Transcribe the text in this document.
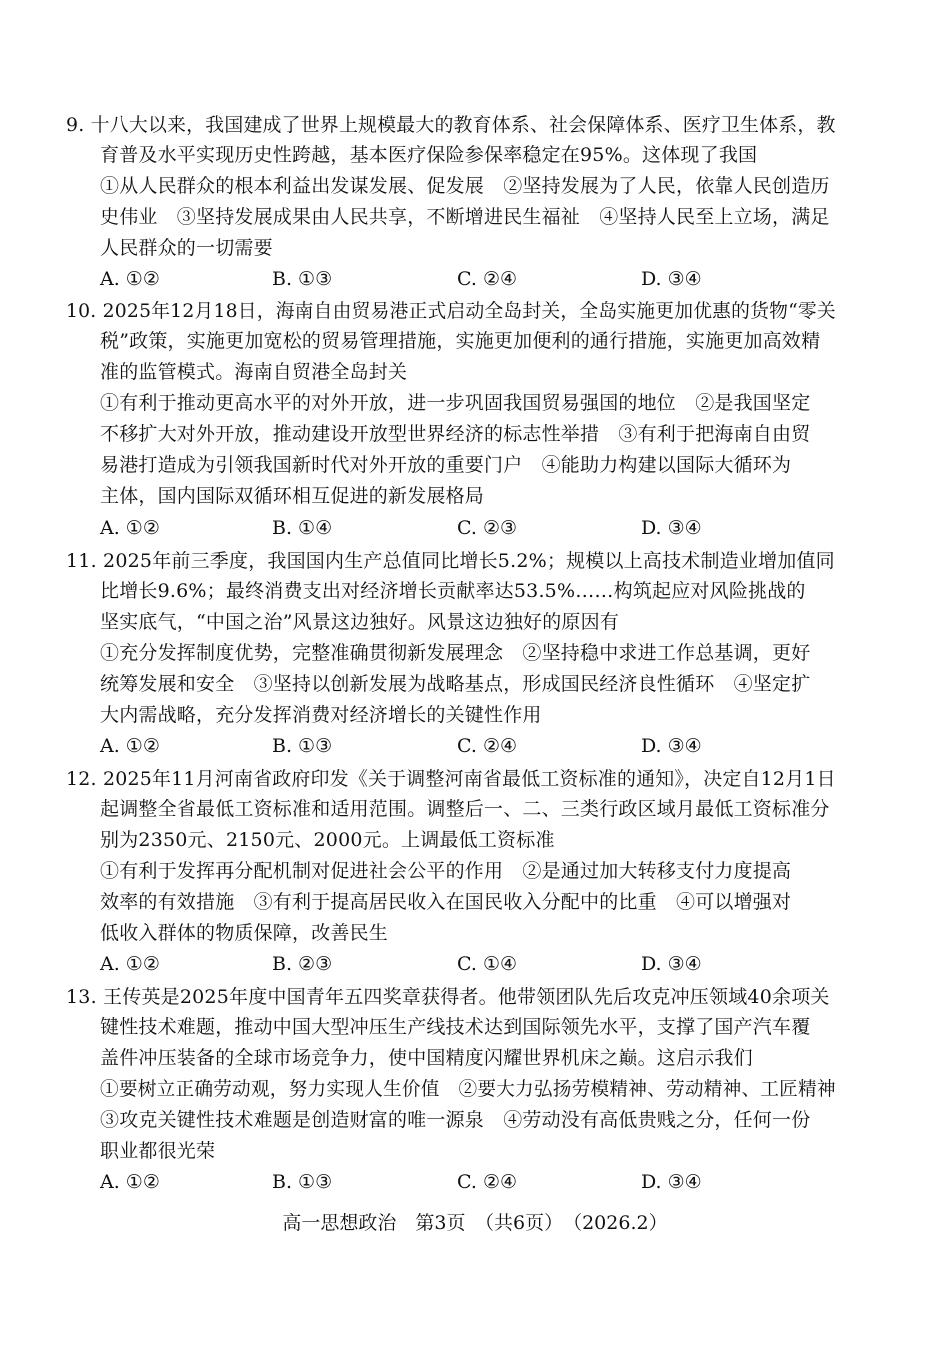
9. 十八大以来，我国建成了世界上规模最大的教育体系、社会保障体系、医疗卫生体系，教
育普及水平实现历史性跨越，基本医疗保险参保率稳定在95%。这体现了我国
①从人民群众的根本利益出发谋发展、促发展　②坚持发展为了人民，依靠人民创造历
史伟业　③坚持发展成果由人民共享，不断增进民生福祉　④坚持人民至上立场，满足
人民群众的一切需要
A. ①②	B. ①③	C. ②④	D. ③④
10. 2025年12月18日，海南自由贸易港正式启动全岛封关，全岛实施更加优惠的货物“零关
税”政策，实施更加宽松的贸易管理措施，实施更加便利的通行措施，实施更加高效精
准的监管模式。海南自贸港全岛封关
①有利于推动更高水平的对外开放，进一步巩固我国贸易强国的地位　②是我国坚定
不移扩大对外开放，推动建设开放型世界经济的标志性举措　③有利于把海南自由贸
易港打造成为引领我国新时代对外开放的重要门户　④能助力构建以国际大循环为
主体，国内国际双循环相互促进的新发展格局
A. ①②	B. ①④	C. ②③	D. ③④
11. 2025年前三季度，我国国内生产总值同比增长5.2%；规模以上高技术制造业增加值同
比增长9.6%；最终消费支出对经济增长贡献率达53.5%……构筑起应对风险挑战的
坚实底气，“中国之治”风景这边独好。风景这边独好的原因有
①充分发挥制度优势，完整准确贯彻新发展理念　②坚持稳中求进工作总基调，更好
统筹发展和安全　③坚持以创新发展为战略基点，形成国民经济良性循环　④坚定扩
大内需战略，充分发挥消费对经济增长的关键性作用
A. ①②	B. ①③	C. ②④	D. ③④
12. 2025年11月河南省政府印发《关于调整河南省最低工资标准的通知》，决定自12月1日
起调整全省最低工资标准和适用范围。调整后一、二、三类行政区域月最低工资标准分
别为2350元、2150元、2000元。上调最低工资标准
①有利于发挥再分配机制对促进社会公平的作用　②是通过加大转移支付力度提高
效率的有效措施　③有利于提高居民收入在国民收入分配中的比重　④可以增强对
低收入群体的物质保障，改善民生
A. ①②	B. ②③	C. ①④	D. ③④
13. 王传英是2025年度中国青年五四奖章获得者。他带领团队先后攻克冲压领域40余项关
键性技术难题，推动中国大型冲压生产线技术达到国际领先水平，支撑了国产汽车覆
盖件冲压装备的全球市场竞争力，使中国精度闪耀世界机床之巅。这启示我们
①要树立正确劳动观，努力实现人生价值　②要大力弘扬劳模精神、劳动精神、工匠精神
③攻克关键性技术难题是创造财富的唯一源泉　④劳动没有高低贵贱之分，任何一份
职业都很光荣
A. ①②	B. ①③	C. ②④	D. ③④
高一思想政治　第3页　（共6页）　（2026.2）
